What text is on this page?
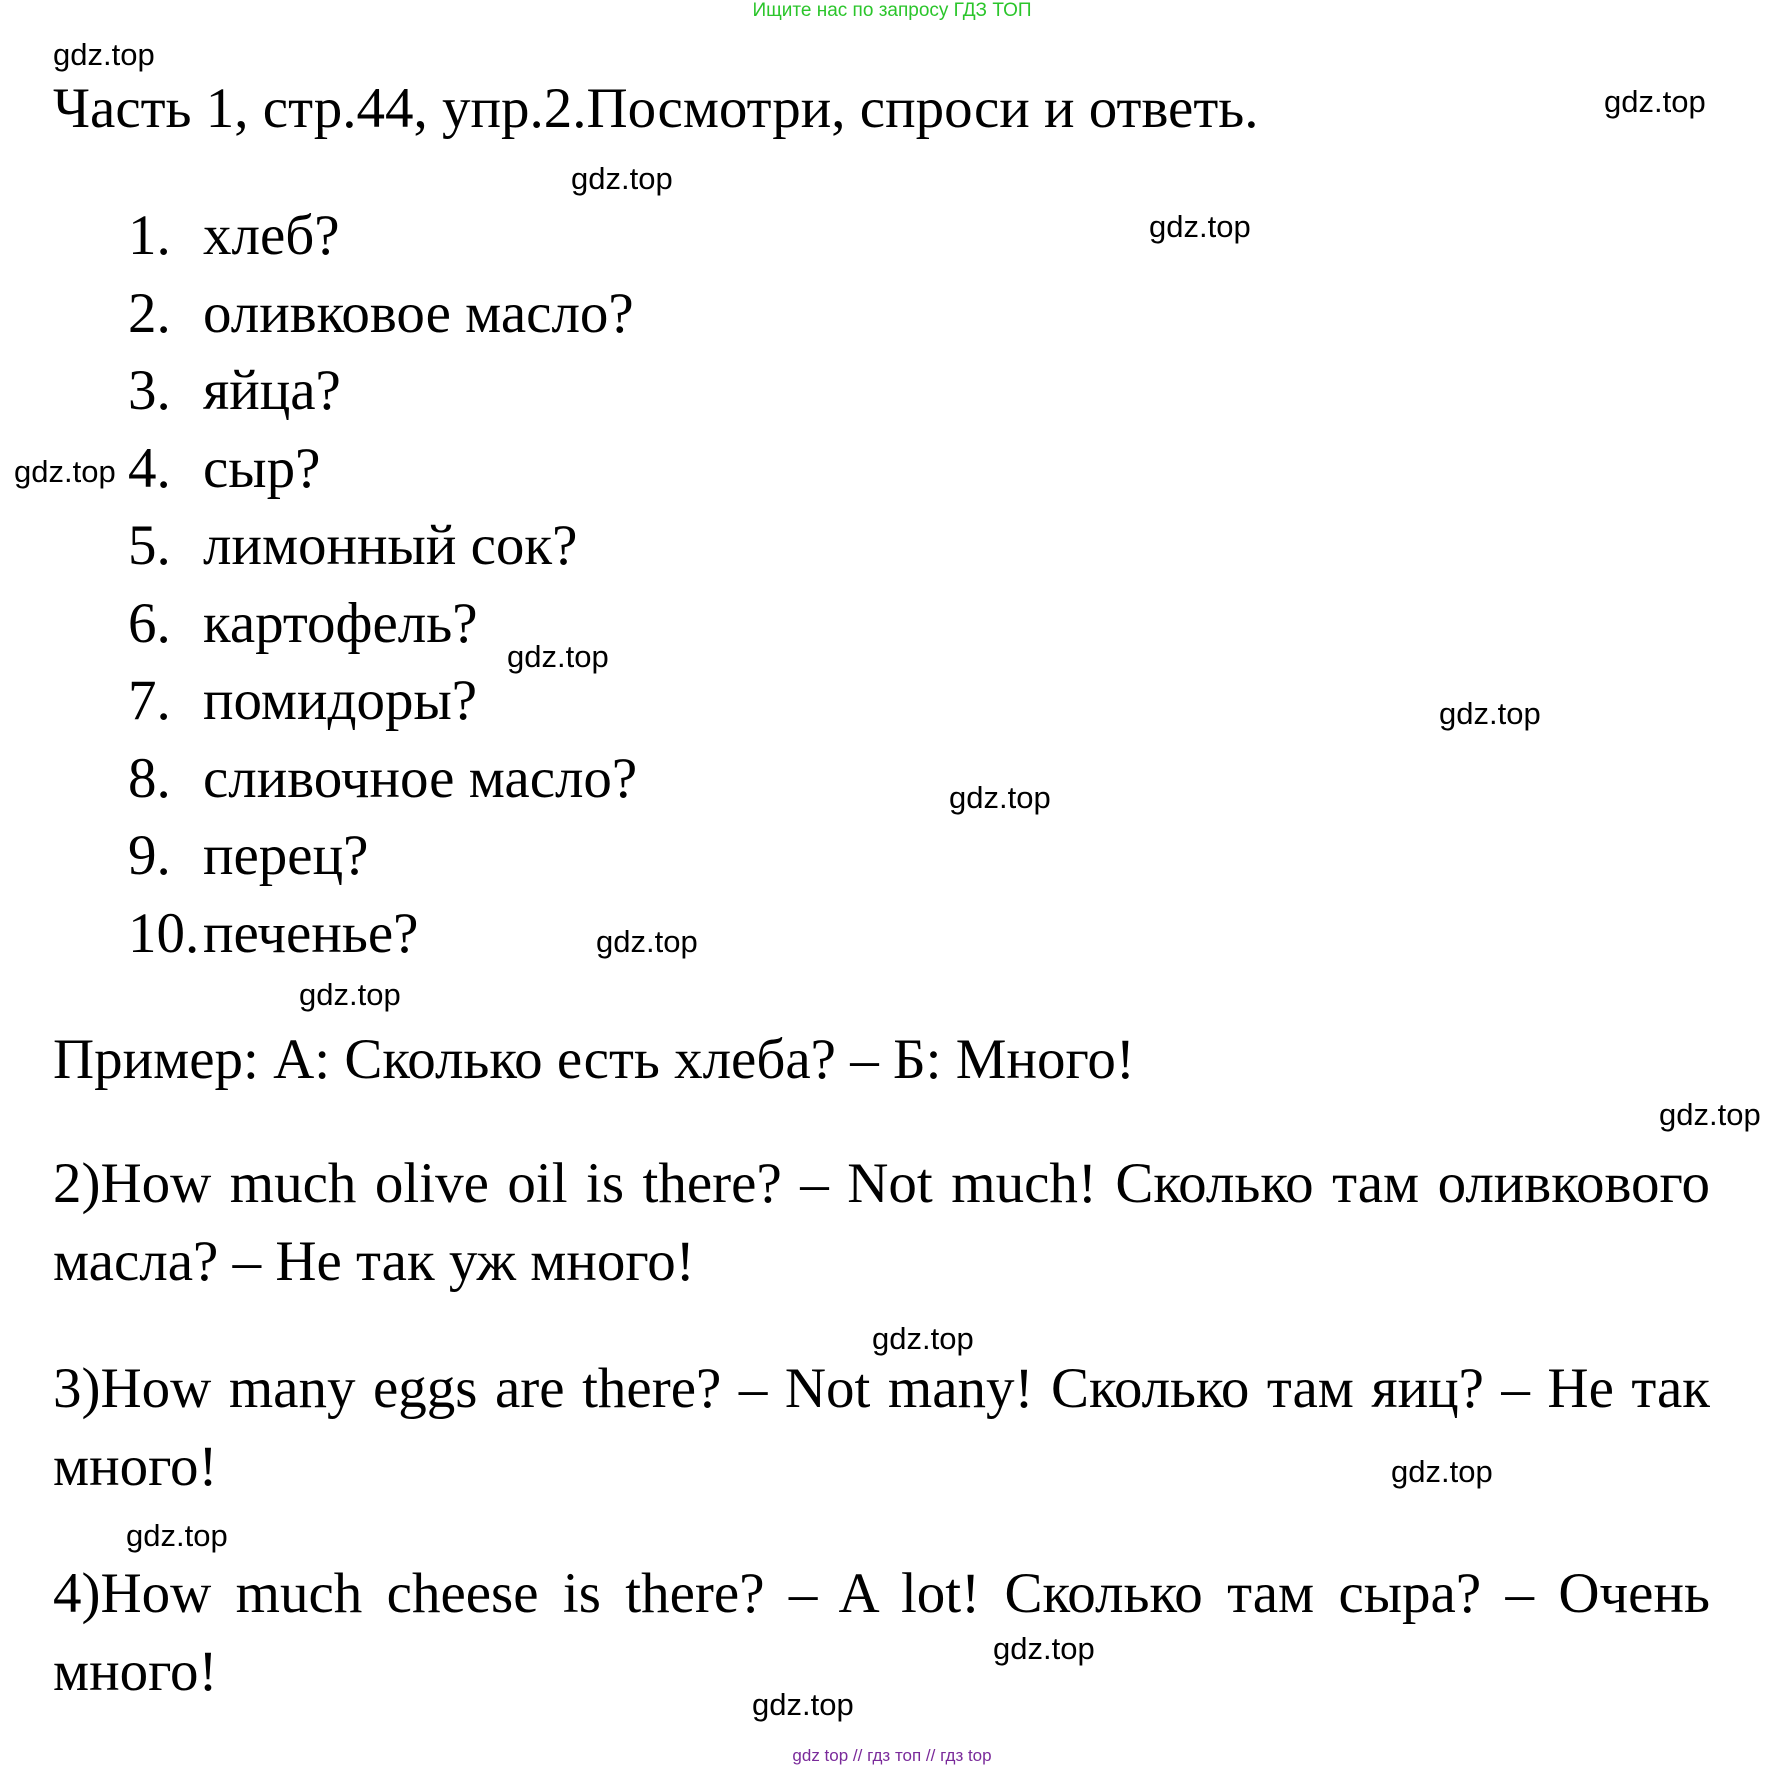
Ищите нас по запросу ГДЗ ТОП
Часть 1, стр.44, упр.2.Посмотри, спроси и ответь.
1. хлеб?
2. оливковое масло?
3. яйца?
4. сыр?
5. лимонный сок?
6. картофель?
7. помидоры?
8. сливочное масло?
9. перец?
10.печенье?
Пример: А: Сколько есть хлеба? – Б: Много!
2)How much olive oil is there? – Not much! Сколько там оливкового масла? – Не так уж много!
3)How many eggs are there? – Not many! Сколько там яиц? – Не так много!
4)How much cheese is there? – A lot! Сколько там сыра? – Очень много!
gdz.top
gdz.top
gdz.top
gdz.top
gdz.top
gdz.top
gdz.top
gdz.top
gdz.top
gdz.top
gdz.top
gdz.top
gdz.top
gdz.top
gdz.top
gdz.top
gdz top // гдз топ // гдз top
